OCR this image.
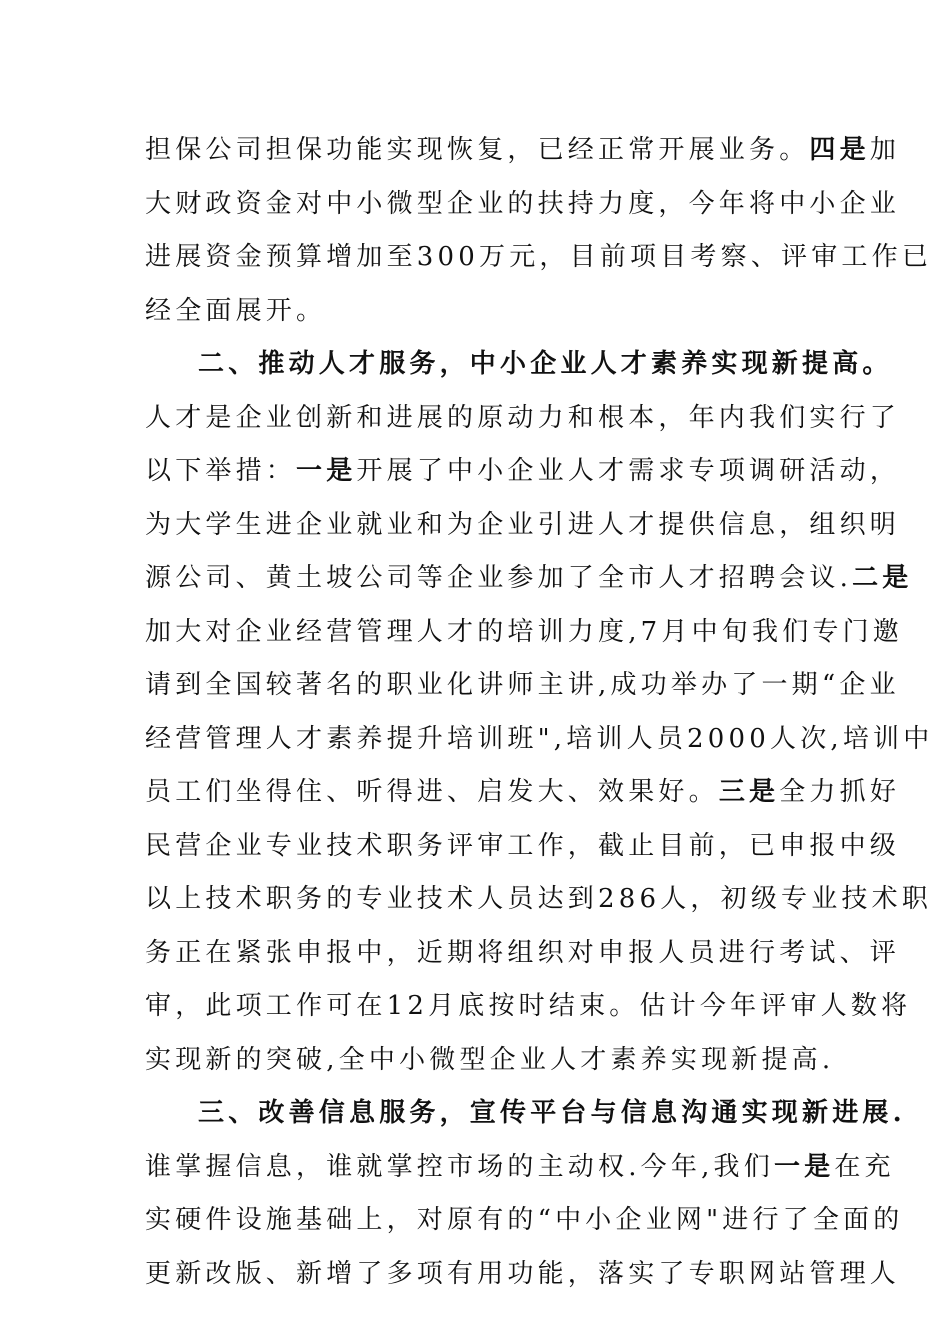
担保公司担保功能实现恢复，已经正常开展业务。四是加
大财政资金对中小微型企业的扶持力度，今年将中小企业
进展资金预算增加至300万元，目前项目考察、评审工作已
经全面展开。
二、推动人才服务，中小企业人才素养实现新提高。
人才是企业创新和进展的原动力和根本，年内我们实行了
以下举措：一是开展了中小企业人才需求专项调研活动，
为大学生进企业就业和为企业引进人才提供信息，组织明
源公司、黄土坡公司等企业参加了全市人才招聘会议.二是
加大对企业经营管理人才的培训力度,7月中旬我们专门邀
请到全国较著名的职业化讲师主讲,成功举办了一期“企业
经营管理人才素养提升培训班",培训人员2000人次,培训中
员工们坐得住、听得进、启发大、效果好。三是全力抓好
民营企业专业技术职务评审工作，截止目前，已申报中级
以上技术职务的专业技术人员达到286人，初级专业技术职
务正在紧张申报中，近期将组织对申报人员进行考试、评
审，此项工作可在12月底按时结束。估计今年评审人数将
实现新的突破,全中小微型企业人才素养实现新提高.
三、改善信息服务，宣传平台与信息沟通实现新进展.
谁掌握信息，谁就掌控市场的主动权.今年,我们一是在充
实硬件设施基础上，对原有的“中小企业网"进行了全面的
更新改版、新增了多项有用功能，落实了专职网站管理人
